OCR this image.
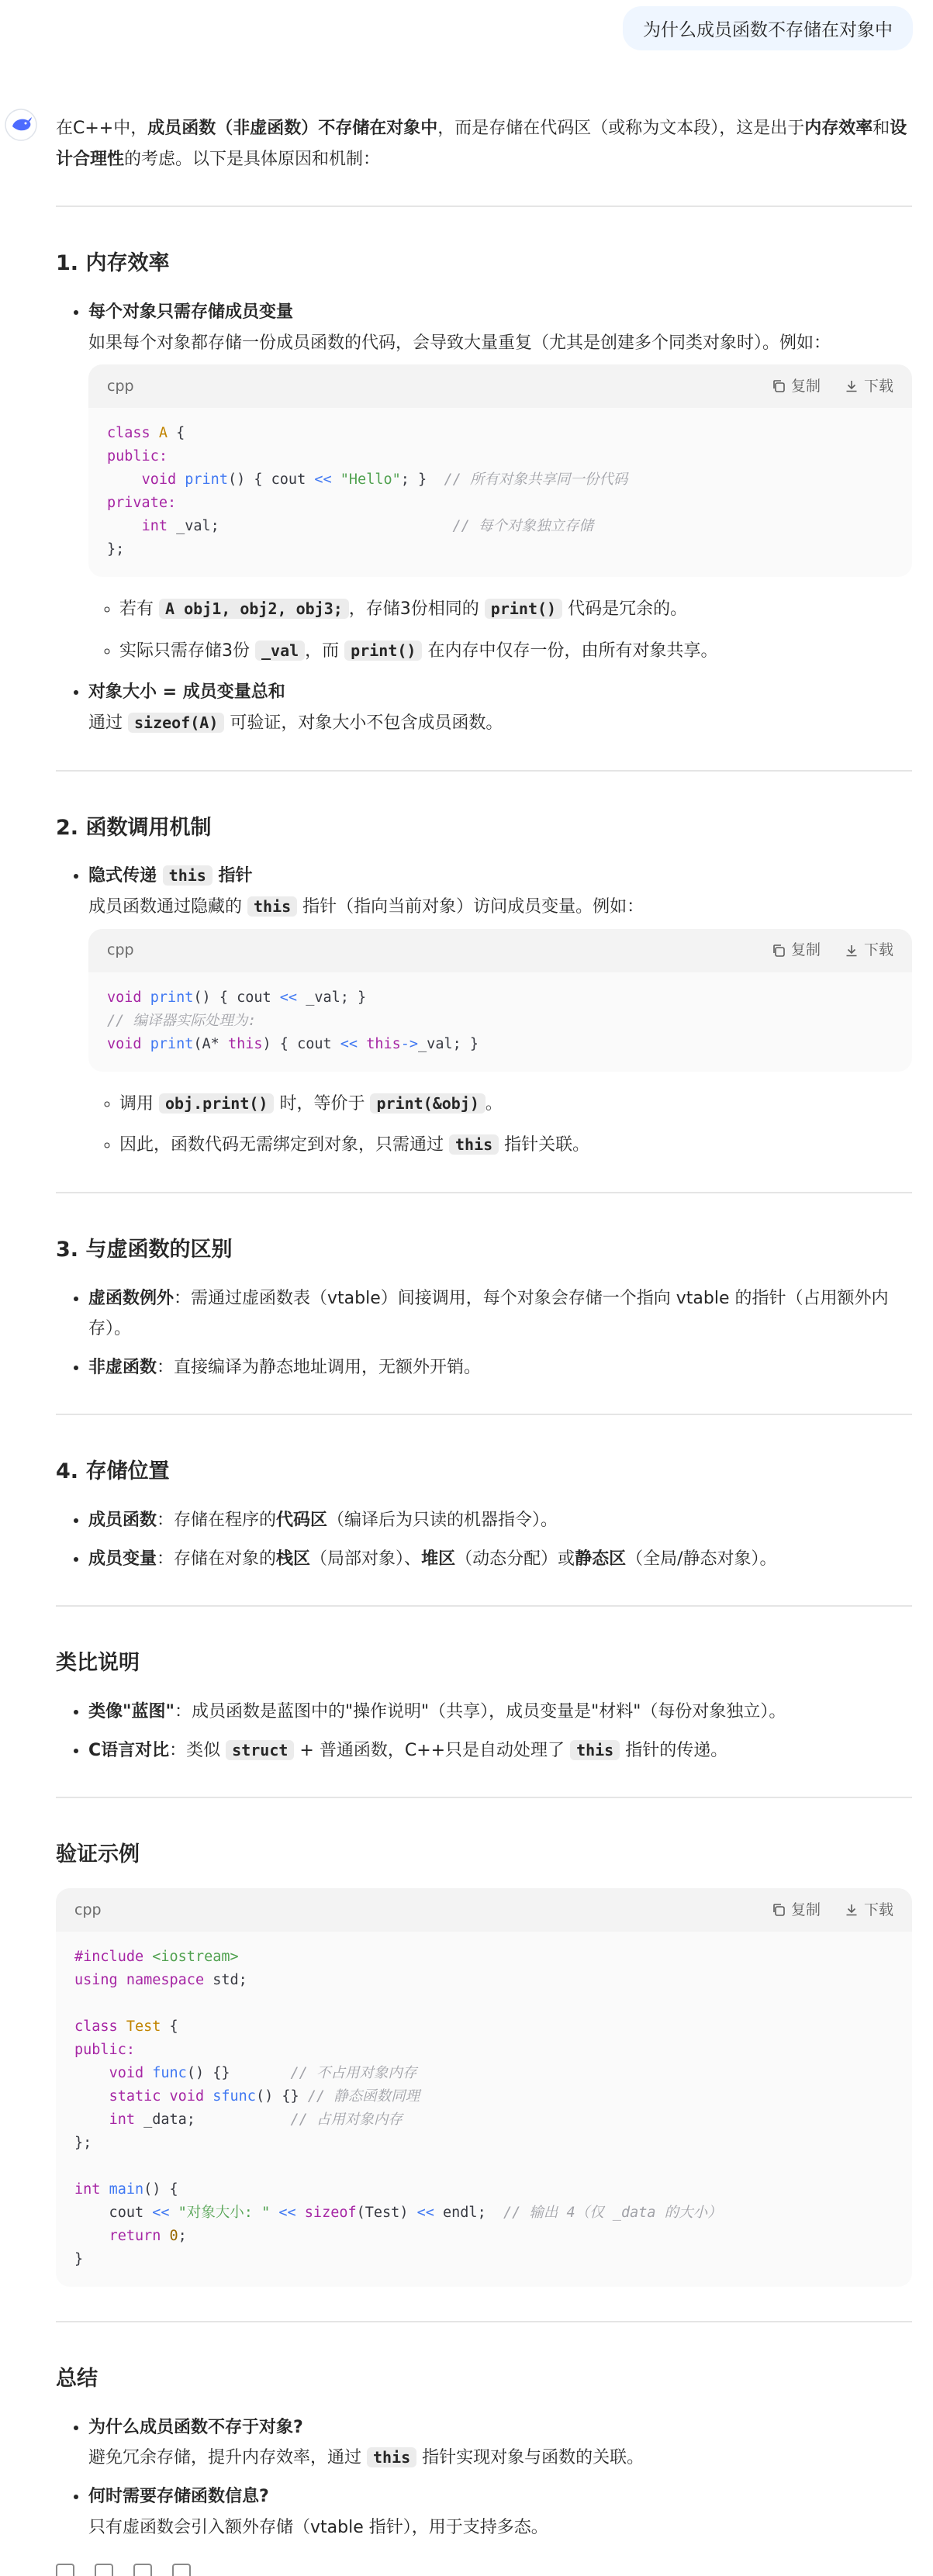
为什么成员函数不存储在对象中

在C++中，成员函数（非虚函数）不存储在对象中，而是存储在代码区（或称为文本段），这是出于内存效率和设计合理性的考虑。以下是具体原因和机制：

1. 内存效率
• 每个对象只需存储成员变量
如果每个对象都存储一份成员函数的代码，会导致大量重复（尤其是创建多个同类对象时）。例如：
cpp	复制	下载
class A {
public:
void print() { cout << "Hello"; }  // 所有对象共享同一份代码
private:
int _val;                           // 每个对象独立存储
};
◦ 若有 A obj1, obj2, obj3; ，存储3份相同的 print() 代码是冗余的。
◦ 实际只需存储3份 _val ，而 print() 在内存中仅存一份，由所有对象共享。
• 对象大小 = 成员变量总和
通过 sizeof(A) 可验证，对象大小不包含成员函数。
2. 函数调用机制
• 隐式传递 this 指针
成员函数通过隐藏的 this 指针（指向当前对象）访问成员变量。例如：
cpp	复制	下载
void print() { cout << _val; }
// 编译器实际处理为:
void print(A* this) { cout << this->_val; }
◦ 调用 obj.print() 时，等价于 print(&obj) 。
◦ 因此，函数代码无需绑定到对象，只需通过 this 指针关联。
3. 与虚函数的区别
• 虚函数例外：需通过虚函数表（vtable）间接调用，每个对象会存储一个指向 vtable 的指针（占用额外内存）。
• 非虚函数：直接编译为静态地址调用，无额外开销。
4. 存储位置
• 成员函数：存储在程序的代码区（编译后为只读的机器指令）。
• 成员变量：存储在对象的栈区（局部对象）、堆区（动态分配）或静态区（全局/静态对象）。
类比说明
• 类像"蓝图"：成员函数是蓝图中的"操作说明"（共享），成员变量是"材料"（每份对象独立）。
• C语言对比：类似 struct + 普通函数，C++只是自动处理了 this 指针的传递。
验证示例
cpp	复制	下载
#include <iostream>
using namespace std;

class Test {
public:
void func() {}       // 不占用对象内存
static void sfunc() {} // 静态函数同理
int _data;           // 占用对象内存
};

int main() {
cout << "对象大小: " << sizeof(Test) << endl;  // 输出 4（仅 _data 的大小）
return 0;
}
总结
• 为什么成员函数不存于对象?
避免冗余存储，提升内存效率，通过 this 指针实现对象与函数的关联。
• 何时需要存储函数信息?
只有虚函数会引入额外存储（vtable 指针），用于支持多态。
